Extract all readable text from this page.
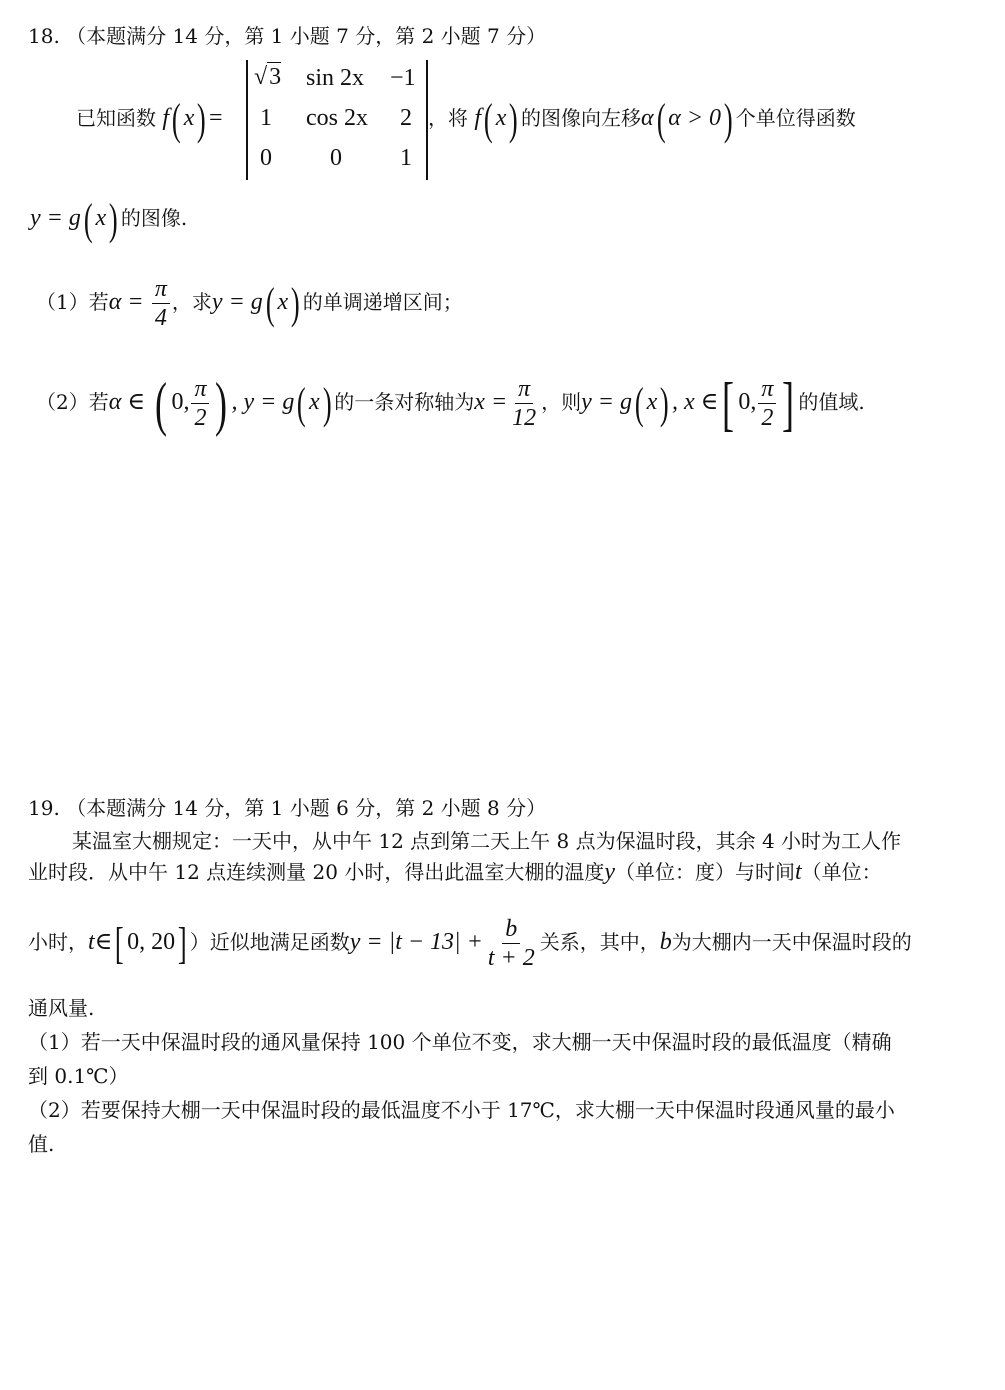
18. （本题满分 14 分，第 1 小题 7 分，第 2 小题 7 分）
已知函数 f( x) =
√3 sin 2x −1
1 cos 2x 2
0 0 1
，将 f( x) 的图像向左移α( α > 0) 个单位得函数
y = g( x) 的图像.
（1）若$\alpha = \frac{\pi}{4}$ ，求y = g( x) 的单调递增区间；
（2）若α ∈ ( 0, $\frac{\pi}{2}$ ) , y = g( x) 的一条对称轴为$x = \frac{\pi}{12}$ ，则y = g( x) , x ∈[ 0, $\frac{\pi}{2}$ ] 的值域.
19. （本题满分 14 分，第 1 小题 6 分，第 2 小题 8 分）
某温室大棚规定：一天中，从中午 12 点到第二天上午 8 点为保温时段，其余 4 小时为工人作
业时段．从中午 12 点连续测量 20 小时，得出此温室大棚的温度y（单位：度）与时间t（单位：
小时，t∈[ 0, 20] ）近似地满足函数$y = |t - 13| + \frac{b}{t + 2}$ 关系，其中，b为大棚内一天中保温时段的
通风量.
（1）若一天中保温时段的通风量保持 100 个单位不变，求大棚一天中保温时段的最低温度（精确
到 0.1℃）
（2）若要保持大棚一天中保温时段的最低温度不小于 17℃，求大棚一天中保温时段通风量的最小
值.
